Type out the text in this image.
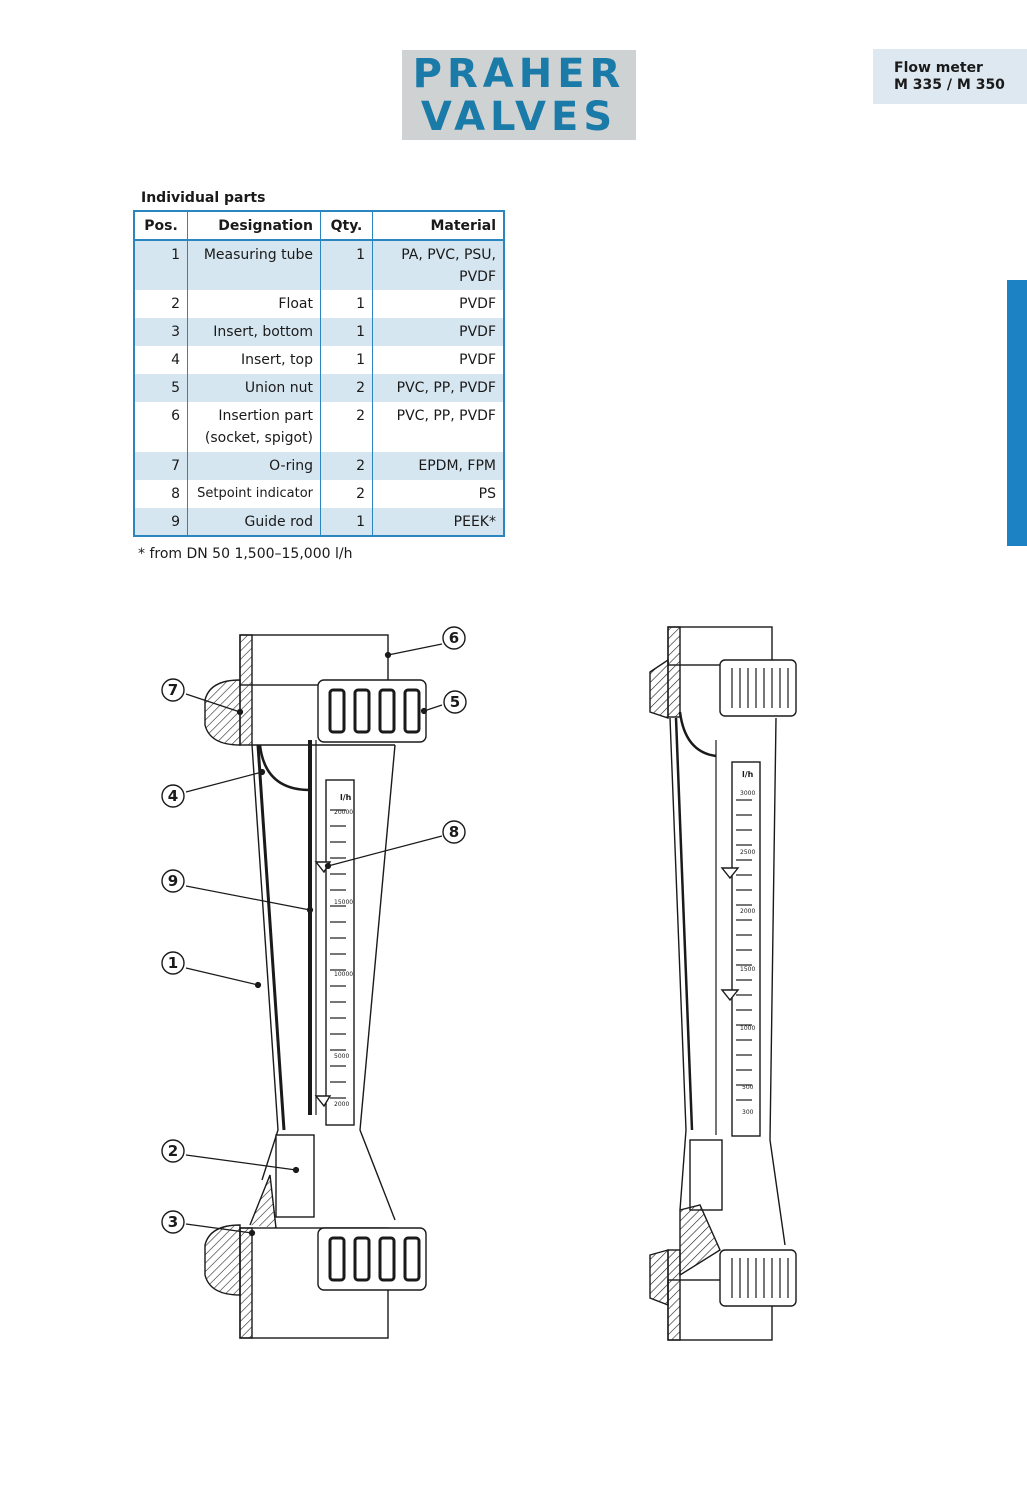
PRAHER
VALVES
Flow meter
M 335 / M 350
Individual parts
Pos.	Designation	Qty.	Material
1	Measuring tube	1	PA, PVC, PSU, PVDF
2	Float	1	PVDF
3	Insert, bottom	1	PVDF
4	Insert, top	1	PVDF
5	Union nut	2	PVC, PP, PVDF
6	Insertion part (socket, spigot)	2	PVC, PP, PVDF
7	O-ring	2	EPDM, FPM
8	Setpoint indicator	2	PS
9	Guide rod	1	PEEK*
* from DN 50 1,500–15,000 l/h
l/h
20000
15000
10000
5000
2000
6
7
5
4
8
9
1
2
3
l/h
3000
2500
2000
1500
1000
500
300
